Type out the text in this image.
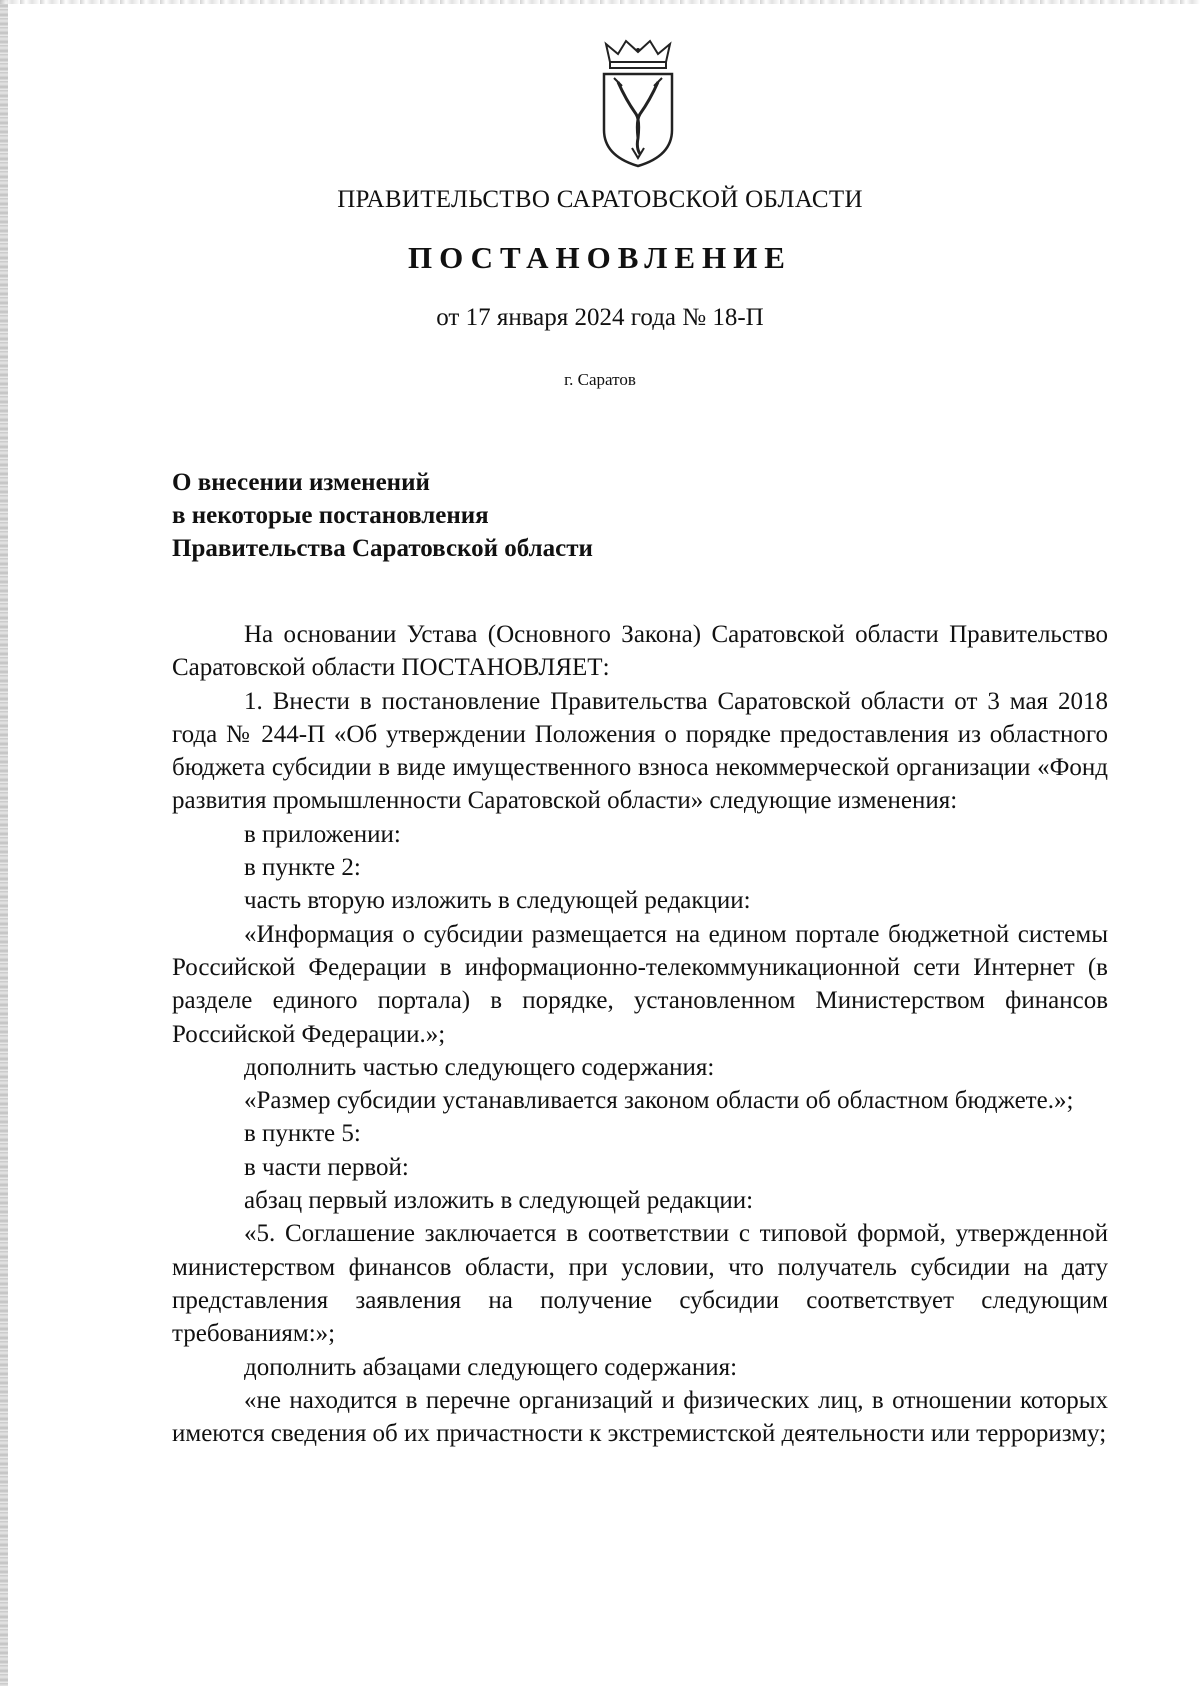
ПРАВИТЕЛЬСТВО САРАТОВСКОЙ ОБЛАСТИ
ПОСТАНОВЛЕНИЕ
от 17 января 2024 года № 18-П
г. Саратов
О внесении изменений
в некоторые постановления
Правительства Саратовской области

На основании Устава (Основного Закона) Саратовской области Правительство Саратовской области ПОСТАНОВЛЯЕТ:

1. Внести в постановление Правительства Саратовской области от 3 мая 2018 года № 244-П «Об утверждении Положения о порядке предоставления из областного бюджета субсидии в виде имущественного взноса некоммерческой организации «Фонд развития промышленности Саратовской области» следующие изменения:

в приложении:

в пункте 2:

часть вторую изложить в следующей редакции:

«Информация о субсидии размещается на едином портале бюджетной системы Российской Федерации в информационно-телекоммуникационной сети Интернет (в разделе единого портала) в порядке, установленном Министерством финансов Российской Федерации.»;

дополнить частью следующего содержания:

«Размер субсидии устанавливается законом области об областном бюджете.»;

в пункте 5:

в части первой:

абзац первый изложить в следующей редакции:

«5. Соглашение заключается в соответствии с типовой формой, утвержденной министерством финансов области, при условии, что получатель субсидии на дату представления заявления на получение субсидии соответствует следующим требованиям:»;

дополнить абзацами следующего содержания:

«не находится в перечне организаций и физических лиц, в отношении которых имеются сведения об их причастности к экстремистской деятельности или терроризму;
